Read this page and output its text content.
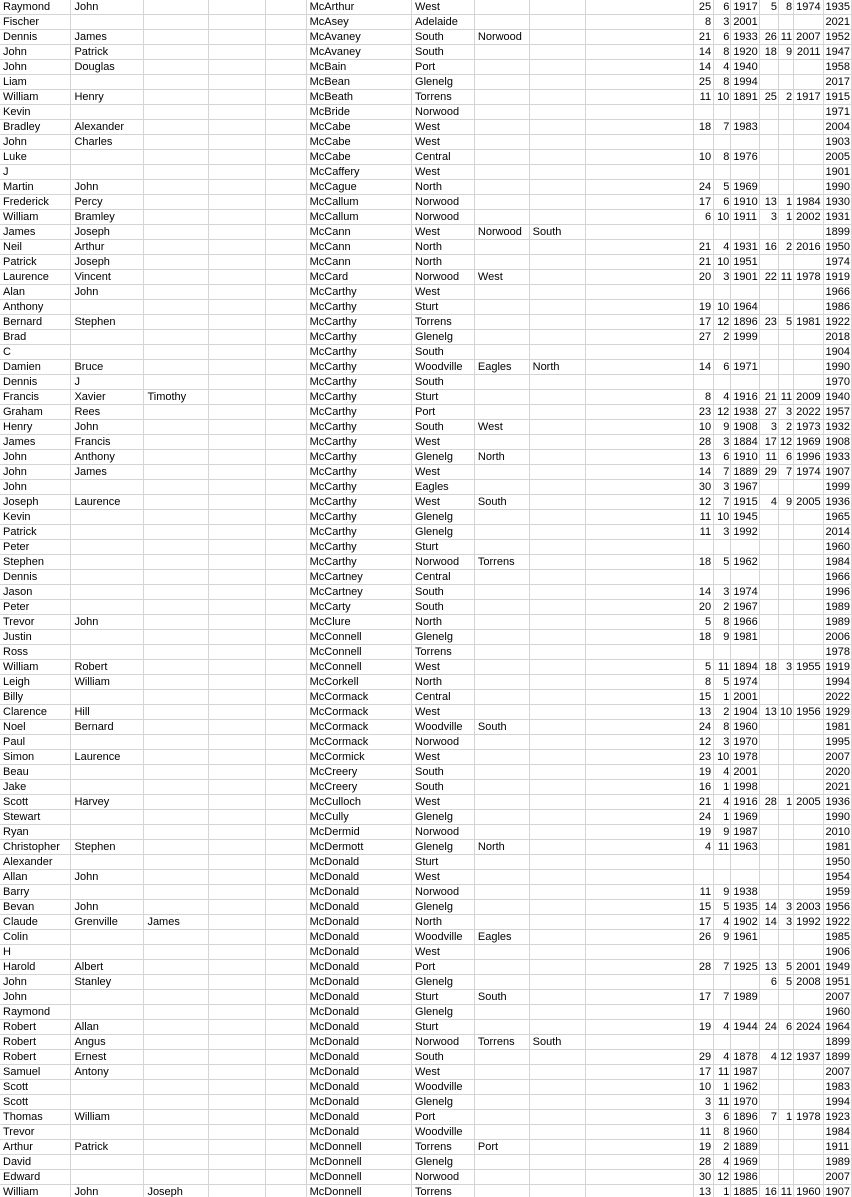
Raymond	John				McArthur	West				25	6	1917	5	8	1974	1935
Fischer					McAsey	Adelaide				8	3	2001				2021
Dennis	James				McAvaney	South	Norwood			21	6	1933	26	11	2007	1952
John	Patrick				McAvaney	South				14	8	1920	18	9	2011	1947
John	Douglas				McBain	Port				14	4	1940				1958
Liam					McBean	Glenelg				25	8	1994				2017
William	Henry				McBeath	Torrens				11	10	1891	25	2	1917	1915
Kevin					McBride	Norwood										1971
Bradley	Alexander				McCabe	West				18	7	1983				2004
John	Charles				McCabe	West										1903
Luke					McCabe	Central				10	8	1976				2005
J					McCaffery	West										1901
Martin	John				McCague	North				24	5	1969				1990
Frederick	Percy				McCallum	Norwood				17	6	1910	13	1	1984	1930
William	Bramley				McCallum	Norwood				6	10	1911	3	1	2002	1931
James	Joseph				McCann	West	Norwood	South								1899
Neil	Arthur				McCann	North				21	4	1931	16	2	2016	1950
Patrick	Joseph				McCann	North				21	10	1951				1974
Laurence	Vincent				McCard	Norwood	West			20	3	1901	22	11	1978	1919
Alan	John				McCarthy	West										1966
Anthony					McCarthy	Sturt				19	10	1964				1986
Bernard	Stephen				McCarthy	Torrens				17	12	1896	23	5	1981	1922
Brad					McCarthy	Glenelg				27	2	1999				2018
C					McCarthy	South										1904
Damien	Bruce				McCarthy	Woodville	Eagles	North		14	6	1971				1990
Dennis	J				McCarthy	South										1970
Francis	Xavier	Timothy			McCarthy	Sturt				8	4	1916	21	11	2009	1940
Graham	Rees				McCarthy	Port				23	12	1938	27	3	2022	1957
Henry	John				McCarthy	South	West			10	9	1908	3	2	1973	1932
James	Francis				McCarthy	West				28	3	1884	17	12	1969	1908
John	Anthony				McCarthy	Glenelg	North			13	6	1910	11	6	1996	1933
John	James				McCarthy	West				14	7	1889	29	7	1974	1907
John					McCarthy	Eagles				30	3	1967				1999
Joseph	Laurence				McCarthy	West	South			12	7	1915	4	9	2005	1936
Kevin					McCarthy	Glenelg				11	10	1945				1965
Patrick					McCarthy	Glenelg				11	3	1992				2014
Peter					McCarthy	Sturt										1960
Stephen					McCarthy	Norwood	Torrens			18	5	1962				1984
Dennis					McCartney	Central										1966
Jason					McCartney	South				14	3	1974				1996
Peter					McCarty	South				20	2	1967				1989
Trevor	John				McClure	North				5	8	1966				1989
Justin					McConnell	Glenelg				18	9	1981				2006
Ross					McConnell	Torrens										1978
William	Robert				McConnell	West				5	11	1894	18	3	1955	1919
Leigh	William				McCorkell	North				8	5	1974				1994
Billy					McCormack	Central				15	1	2001				2022
Clarence	Hill				McCormack	West				13	2	1904	13	10	1956	1929
Noel	Bernard				McCormack	Woodville	South			24	8	1960				1981
Paul					McCormack	Norwood				12	3	1970				1995
Simon	Laurence				McCormick	West				23	10	1978				2007
Beau					McCreery	South				19	4	2001				2020
Jake					McCreery	South				16	1	1998				2021
Scott	Harvey				McCulloch	West				21	4	1916	28	1	2005	1936
Stewart					McCully	Glenelg				24	1	1969				1990
Ryan					McDermid	Norwood				19	9	1987				2010
Christopher	Stephen				McDermott	Glenelg	North			4	11	1963				1981
Alexander					McDonald	Sturt										1950
Allan	John				McDonald	West										1954
Barry					McDonald	Norwood				11	9	1938				1959
Bevan	John				McDonald	Glenelg				15	5	1935	14	3	2003	1956
Claude	Grenville	James			McDonald	North				17	4	1902	14	3	1992	1922
Colin					McDonald	Woodville	Eagles			26	9	1961				1985
H					McDonald	West										1906
Harold	Albert				McDonald	Port				28	7	1925	13	5	2001	1949
John	Stanley				McDonald	Glenelg							6	5	2008	1951
John					McDonald	Sturt	South			17	7	1989				2007
Raymond					McDonald	Glenelg										1960
Robert	Allan				McDonald	Sturt				19	4	1944	24	6	2024	1964
Robert	Angus				McDonald	Norwood	Torrens	South								1899
Robert	Ernest				McDonald	South				29	4	1878	4	12	1937	1899
Samuel	Antony				McDonald	West				17	11	1987				2007
Scott					McDonald	Woodville				10	1	1962				1983
Scott					McDonald	Glenelg				3	11	1970				1994
Thomas	William				McDonald	Port				3	6	1896	7	1	1978	1923
Trevor					McDonald	Woodville				11	8	1960				1984
Arthur	Patrick				McDonnell	Torrens	Port			19	2	1889				1911
David					McDonnell	Glenelg				28	4	1969				1989
Edward					McDonnell	Norwood				30	12	1986				2007
William	John	Joseph			McDonnell	Torrens				13	1	1885	16	11	1960	1907
